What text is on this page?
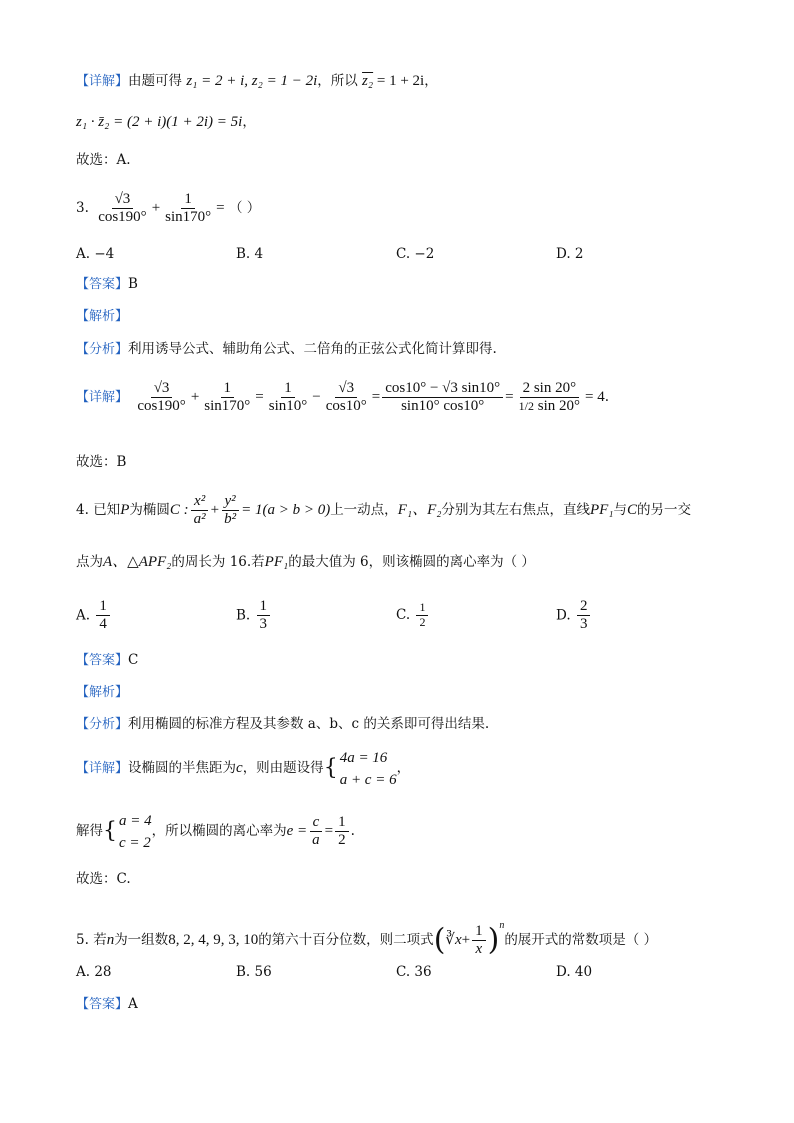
【详解】由题可得 z₁ = 2 + i, z₂ = 1 − 2i，所以 z₂ = 1 + 2i，
z₁ · z̄₂ = (2 + i)(1 + 2i) = 5i，
故选：A.
3. $\frac{√3}{\cos 190^\circ} + \frac{1}{\sin 170^\circ}$ = （ ）
A. −4	B. 4	C. −2	D. 2
【答案】B
【解析】
【分析】利用诱导公式、辅助角公式、二倍角的正弦公式化简计算即得.
【详解】 $\frac{√3}{\cos 190^\circ} + \frac{1}{\sin 170^\circ} = \frac{1}{\sin 10^\circ} - \frac{√3}{\cos 10^\circ} = \frac{\cos 10^\circ - √3 \sin 10^\circ}{\sin 10^\circ \cos 10^\circ} = \frac{2 \sin 20^\circ}{1/2 \sin 20^\circ} = 4$.
故选：B
4. 已知P为椭圆C : $\frac{\text{x²}}{\text{a²}} + \frac{\text{y²}}{\text{b²}} = 1(a > b > 0)$上一动点，F₁、F₂分别为其左右焦点，直线PF₁与C的另一交
点为A、△APF₂的周长为 16.若PF₁的最大值为 6，则该椭圆的离心率为（ ）
A. $\frac{1}{4}$	B. $\frac{1}{3}$	C. $\frac{1}{2}$	D. $\frac{2}{3}$
【答案】C
【解析】
【分析】利用椭圆的标准方程及其参数 a、b、c 的关系即可得出结果.
【详解】设椭圆的半焦距为c，则由题设得{ 4a = 16
a + c = 6
，
解得{ a = 4
c = 2
，所以椭圆的离心率为$e = \frac{c}{a} = \frac{1}{2}$ .
故选：C.
5. 若n为一组数8, 2, 4, 9, 3, 10的第六十百分位数，则二项式(∛x+ $\frac{1}{x} )^n$的展开式的常数项是（ ）
A. 28	B. 56	C. 36	D. 40
【答案】A
